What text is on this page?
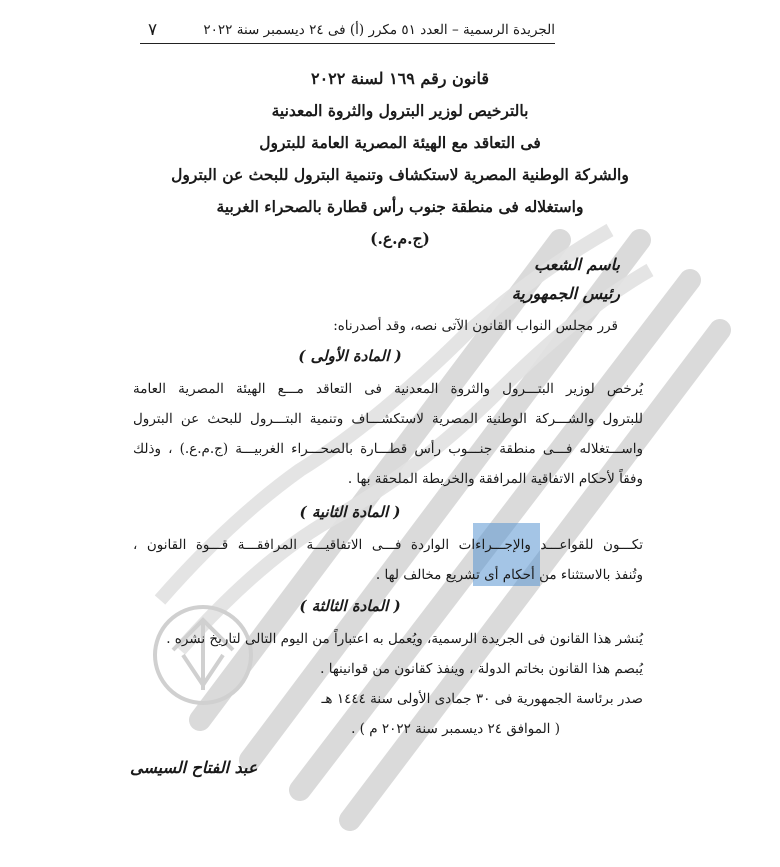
الجريدة الرسمية – العدد ٥١ مكرر (أ) فى ٢٤ ديسمبر سنة ٢٠٢٢
٧
قانون رقم ١٦٩ لسنة ٢٠٢٢
بالترخيص لوزير البترول والثروة المعدنية
فى التعاقد مع الهيئة المصرية العامة للبترول
والشركة الوطنية المصرية لاستكشاف وتنمية البترول للبحث عن البترول
واستغلاله فى منطقة جنوب رأس قطارة بالصحراء الغربية
(ج.م.ع.)
باسم الشعب
رئيس الجمهورية
قرر مجلس النواب القانون الآتى نصه، وقد أصدرناه:
( المادة الأولى )
يُرخص لوزير البتـــرول والثروة المعدنية فى التعاقد مـــع الهيئة المصرية العامة
للبترول والشـــركة الوطنية المصرية لاستكشـــاف وتنمية البتـــرول للبحث عن البترول
واســـتغلاله فـــى منطقة جنـــوب رأس قطـــارة بالصحـــراء الغربيـــة (ج.م.ع.) ، وذلك
وفقاً لأحكام الاتفاقية المرافقة والخريطة الملحقة بها .
( المادة الثانية )
تكـــون للقواعـــد والإجـــراءات الواردة فـــى الاتفاقيـــة المرافقـــة قـــوة القانون ،
وتُنفذ بالاستثناء من أحكام أى تشريع مخالف لها .
( المادة الثالثة )
يُنشر هذا القانون فى الجريدة الرسمية، ويُعمل به اعتباراً من اليوم التالى لتاريخ نشره .
يُبصم هذا القانون بخاتم الدولة ، وينفذ كقانون من قوانينها .
صدر برئاسة الجمهورية فى ٣٠ جمادى الأولى سنة ١٤٤٤ هـ
( الموافق ٢٤ ديسمبر سنة ٢٠٢٢ م ) .
عبد الفتاح السيسى
